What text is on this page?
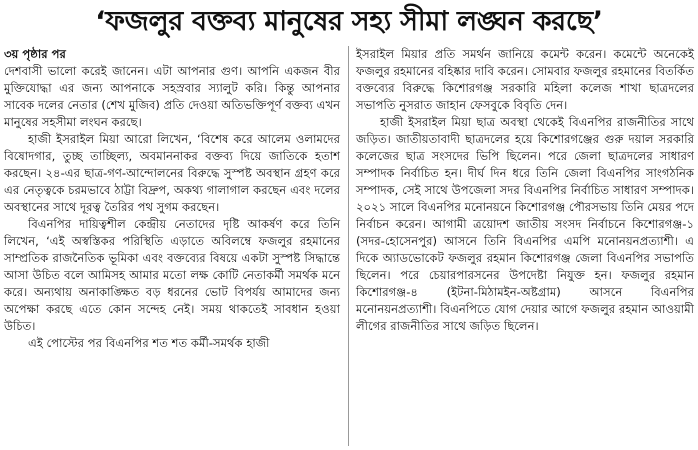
‘ফজলুর বক্তব্য মানুষের সহ্য সীমা লঙ্ঘন করছে’
৩য় পৃষ্ঠার পর

দেশবাসী ভালো করেই জানেন। এটা আপনার গুণ। আপনি একজন বীর মুক্তিযোদ্ধা এর জন্য আপনাকে সহস্রবার স্যালুট করি। কিন্তু আপনার সাবেক দলের নেতার (শেখ মুজিব) প্রতি দেওয়া অতিভক্তিপূর্ণ বক্তব্য এখন মানুষের সহসীমা লংঘন করছে।

হাজী ইসরাইল মিয়া আরো লিখেন, ‘বিশেষ করে আলেম ওলামদের বিষোদগার, তুচ্ছ তাচ্ছিল্য, অবমাননাকর বক্তব্য দিয়ে জাতিকে হতাশ করছেন। ২৪-এর ছাত্র-গণ-আন্দোলনের বিরুদ্ধে সুস্পষ্ট অবস্থান গ্রহণ করে এর নেতৃত্বকে চরমভাবে ঠাট্টা বিদ্রুপ, অকথ্য গালাগাল করছেন এবং দলের অবস্থানের সাথে দূরত্ব তৈরির পথ সুগম করছেন।

বিএনপির দায়িত্বশীল কেন্দ্রীয় নেতাদের দৃষ্টি আকর্ষণ করে তিনি লিখেন, ‘এই অস্বস্তিকর পরিস্থিতি এড়াতে অবিলম্বে ফজলুর রহমানের সাম্প্রতিক রাজনৈতিক ভূমিকা এবং বক্তব্যের বিষয়ে একটা সুস্পষ্ট সিদ্ধান্তে আসা উচিত বলে আমিসহ আমার মতো লক্ষ কোটি নেতাকর্মী সমর্থক মনে করে। অন্যথায় অনাকাঙ্ক্ষিত বড় ধরনের ভোট বিপর্যয় আমাদের জন্য অপেক্ষা করছে এতে কোন সন্দেহ নেই। সময় থাকতেই সাবধান হওয়া উচিত।

এই পোস্টের পর বিএনপির শত শত কর্মী-সমর্থক হাজী

ইসরাইল মিয়ার প্রতি সমর্থন জানিয়ে কমেন্ট করেন। কমেন্টে অনেকেই ফজলুর রহমানের বহিষ্কার দাবি করেন। সোমবার ফজলুর রহমানের বিতর্কিত বক্তব্যের বিরুদ্ধে কিশোরগঞ্জ সরকারি মহিলা কলেজ শাখা ছাত্রদলের সভাপতি নুসরাত জাহান ফেসবুকে বিবৃতি দেন।

হাজী ইসরাইল মিয়া ছাত্র অবস্থা থেকেই বিএনপির রাজনীতির সাথে জড়িত। জাতীয়তাবাদী ছাত্রদলের হয়ে কিশোরগঞ্জের গুরু দয়াল সরকারি কলেজের ছাত্র সংসদের ভিপি ছিলেন। পরে জেলা ছাত্রদলের সাধারণ সম্পাদক নির্বাচিত হন। দীর্ঘ দিন ধরে তিনি জেলা বিএনপির সাংগঠনিক সম্পাদক, সেই সাথে উপজেলা সদর বিএনপির নির্বাচিত সাধারণ সম্পাদক। ২০২১ সালে বিএনপির মনোনয়নে কিশোরগঞ্জ পৌরসভায় তিনি মেয়র পদে নির্বাচন করেন। আগামী ত্রয়োদশ জাতীয় সংসদ নির্বাচনে কিশোরগঞ্জ-১ (সদর-হোসেনপুর) আসনে তিনি বিএনপির এমপি মনোনয়নপ্রত্যাশী। এ দিকে অ্যাডভোকেট ফজলুর রহমান কিশোরগঞ্জ জেলা বিএনপির সভাপতি ছিলেন। পরে চেয়ারপারসনের উপদেষ্টা নিযুক্ত হন। ফজলুর রহমান কিশোরগঞ্জ-৪ (ইটনা-মিঠামইন-অষ্টগ্রাম) আসনে বিএনপির মনোনয়নপ্রত্যাশী। বিএনপিতে যোগ দেয়ার আগে ফজলুর রহমান আওয়ামী লীগের রাজনীতির সাথে জড়িত ছিলেন।
